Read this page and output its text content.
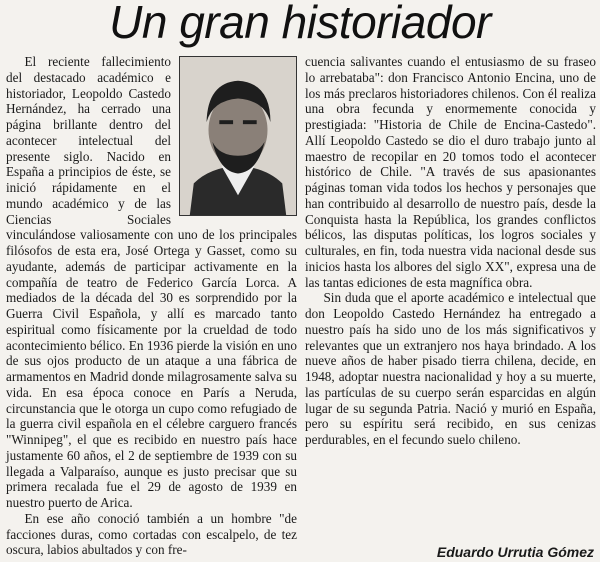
Un gran historiador

El reciente fallecimiento del destacado académico e historiador, Leopoldo Castedo Hernández, ha cerrado una página brillante dentro del acontecer intelectual del presente siglo. Nacido en España a principios de éste, se inició rápidamente en el mundo académico y de las Ciencias Sociales vinculándose valiosamente con uno de los principales filósofos de esta era, José Ortega y Gasset, como su ayudante, además de participar activamente en la compañía de teatro de Federico García Lorca. A mediados de la década del 30 es sorprendido por la Guerra Civil Española, y allí es marcado tanto espiritual como físicamente por la crueldad de todo acontecimiento bélico. En 1936 pierde la visión en uno de sus ojos producto de un ataque a una fábrica de armamentos en Madrid donde milagrosamente salva su vida. En esa época conoce en París a Neruda, circunstancia que le otorga un cupo como refugiado de la guerra civil española en el célebre carguero francés "Winnipeg", el que es recibido en nuestro país hace justamente 60 años, el 2 de septiembre de 1939 con su llegada a Valparaíso, aunque es justo precisar que su primera recalada fue el 29 de agosto de 1939 en nuestro puerto de Arica.

En ese año conoció también a un hombre "de facciones duras, como cortadas con escalpelo, de tez oscura, labios abultados y con fre-

cuencia salivantes cuando el entusiasmo de su fraseo lo arrebataba": don Francisco Antonio Encina, uno de los más preclaros historiadores chilenos. Con él realiza una obra fecunda y enormemente conocida y prestigiada: "Historia de Chile de Encina-Castedo". Allí Leopoldo Castedo se dio el duro trabajo junto al maestro de recopilar en 20 tomos todo el acontecer histórico de Chile. "A través de sus apasionantes páginas toman vida todos los hechos y personajes que han contribuido al desarrollo de nuestro país, desde la Conquista hasta la República, los grandes conflictos bélicos, las disputas políticas, los logros sociales y culturales, en fin, toda nuestra vida nacional desde sus inicios hasta los albores del siglo XX", expresa una de las tantas ediciones de esta magnífica obra.

Sin duda que el aporte académico e intelectual que don Leopoldo Castedo Hernández ha entregado a nuestro país ha sido uno de los más significativos y relevantes que un extranjero nos haya brindado. A los nueve años de haber pisado tierra chilena, decide, en 1948, adoptar nuestra nacionalidad y hoy a su muerte, las partículas de su cuerpo serán esparcidas en algún lugar de su segunda Patria. Nació y murió en España, pero su espíritu será recibido, en sus cenizas perdurables, en el fecundo suelo chileno.

Eduardo Urrutia Gómez
